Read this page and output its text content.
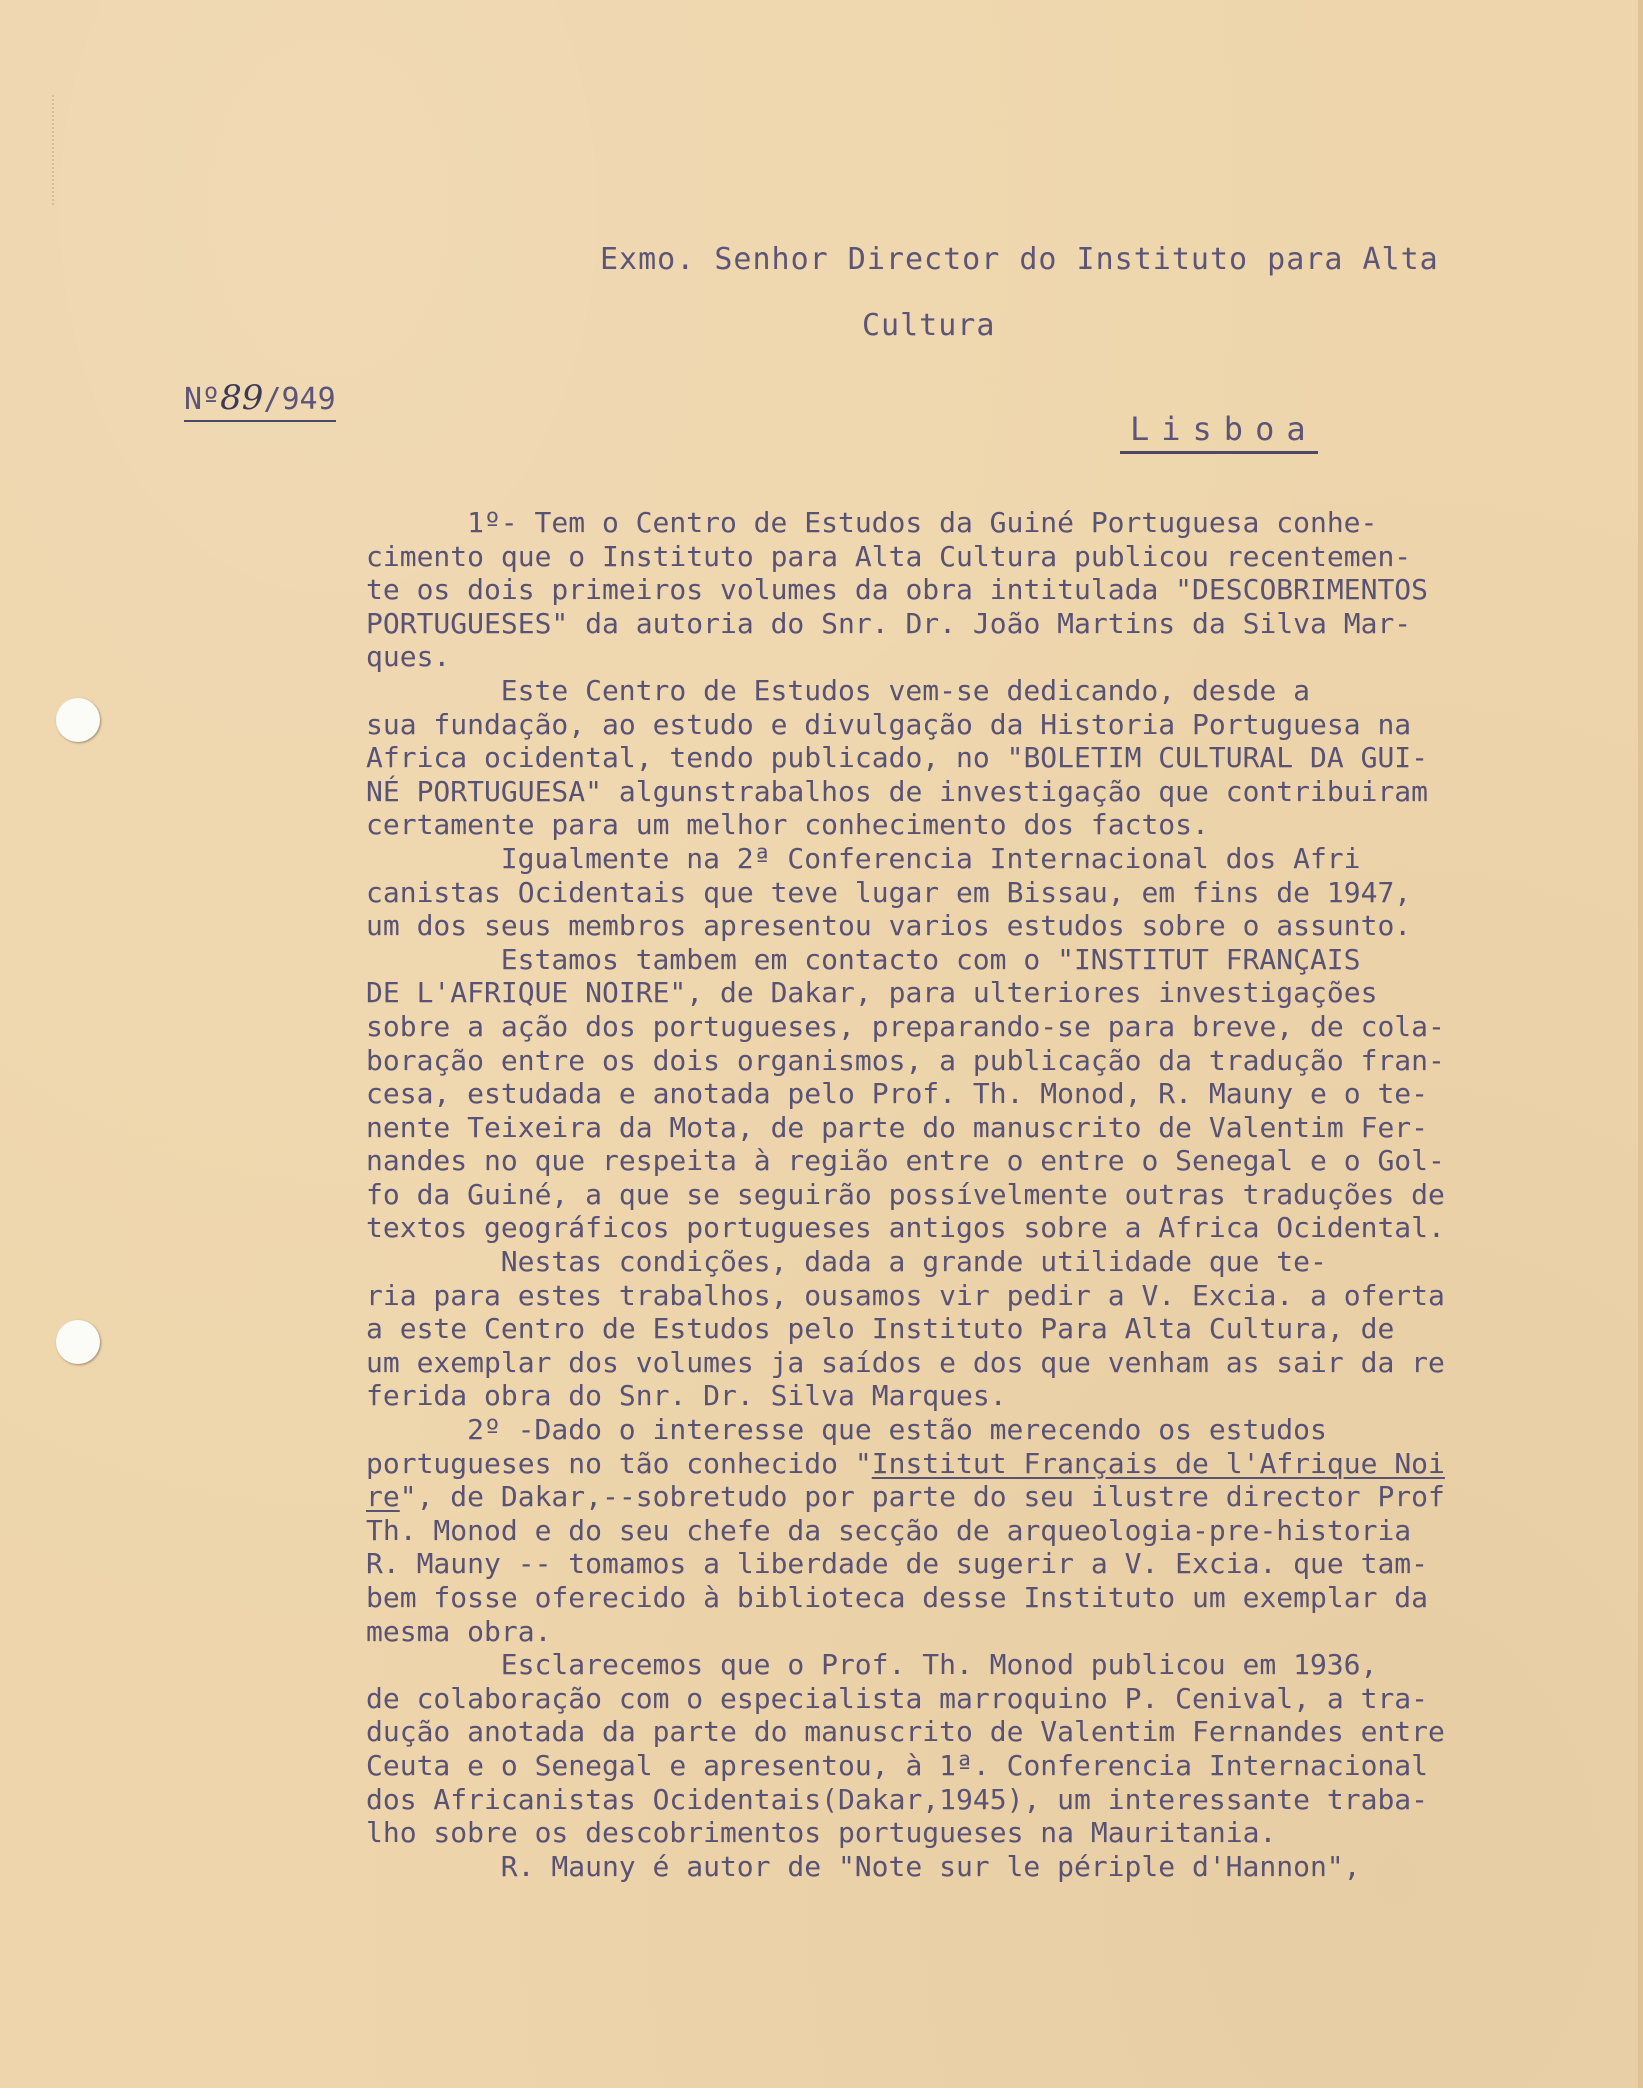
Exmo. Senhor Director do Instituto para Alta
Cultura
Nº89/949
Lisboa
1º- Tem o Centro de Estudos da Guiné Portuguesa conhe-
cimento que o Instituto para Alta Cultura publicou recentemen-
te os dois primeiros volumes da obra intitulada "DESCOBRIMENTOS
PORTUGUESES" da autoria do Snr. Dr. João Martins da Silva Mar-
ques.
Este Centro de Estudos vem-se dedicando, desde a
sua fundação, ao estudo e divulgação da Historia Portuguesa na
Africa ocidental, tendo publicado, no "BOLETIM CULTURAL DA GUI-
NÉ PORTUGUESA" algunstrabalhos de investigação que contribuiram
certamente para um melhor conhecimento dos factos.
Igualmente na 2ª Conferencia Internacional dos Afri
canistas Ocidentais que teve lugar em Bissau, em fins de 1947,
um dos seus membros apresentou varios estudos sobre o assunto.
Estamos tambem em contacto com o "INSTITUT FRANÇAIS
DE L'AFRIQUE NOIRE", de Dakar, para ulteriores investigações
sobre a ação dos portugueses, preparando-se para breve, de cola-
boração entre os dois organismos, a publicação da tradução fran-
cesa, estudada e anotada pelo Prof. Th. Monod, R. Mauny e o te-
nente Teixeira da Mota, de parte do manuscrito de Valentim Fer-
nandes no que respeita à região entre o entre o Senegal e o Gol-
fo da Guiné, a que se seguirão possívelmente outras traduções de
textos geográficos portugueses antigos sobre a Africa Ocidental.
Nestas condições, dada a grande utilidade que te-
ria para estes trabalhos, ousamos vir pedir a V. Excia. a oferta
a este Centro de Estudos pelo Instituto Para Alta Cultura, de
um exemplar dos volumes ja saídos e dos que venham as sair da re
ferida obra do Snr. Dr. Silva Marques.
2º -Dado o interesse que estão merecendo os estudos
portugueses no tão conhecido "Institut Français de l'Afrique Noi
re", de Dakar,--sobretudo por parte do seu ilustre director Prof
Th. Monod e do seu chefe da secção de arqueologia-pre-historia
R. Mauny -- tomamos a liberdade de sugerir a V. Excia. que tam-
bem fosse oferecido à biblioteca desse Instituto um exemplar da
mesma obra.
Esclarecemos que o Prof. Th. Monod publicou em 1936,
de colaboração com o especialista marroquino P. Cenival, a tra-
dução anotada da parte do manuscrito de Valentim Fernandes entre
Ceuta e o Senegal e apresentou, à 1ª. Conferencia Internacional
dos Africanistas Ocidentais(Dakar,1945), um interessante traba-
lho sobre os descobrimentos portugueses na Mauritania.
R. Mauny é autor de "Note sur le périple d'Hannon",
